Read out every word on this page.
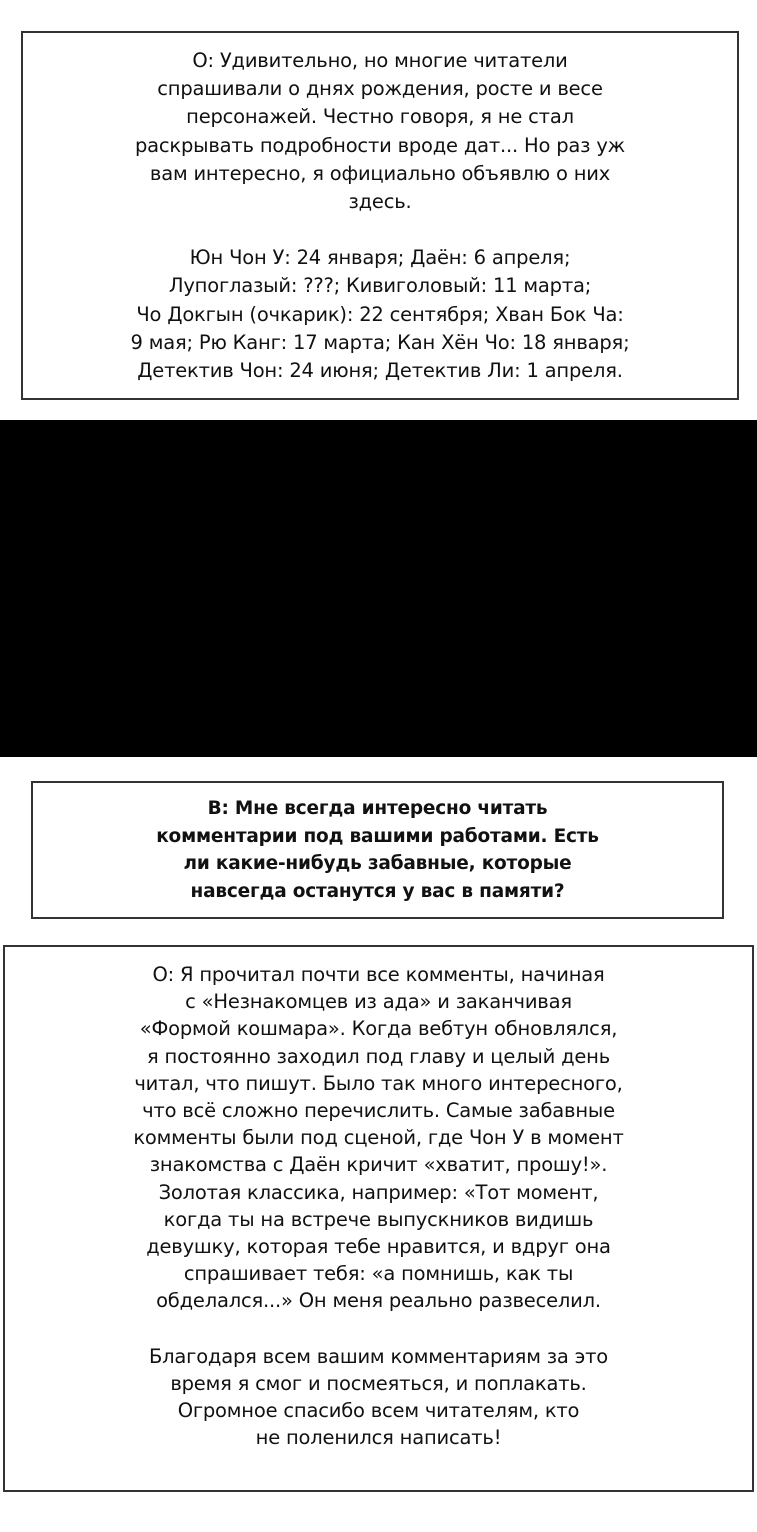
О: Удивительно, но многие читатели
спрашивали о днях рождения, росте и весе
персонажей. Честно говоря, я не стал
раскрывать подробности вроде дат... Но раз уж
вам интересно, я официально объявлю о них
здесь.

Юн Чон У: 24 января; Даён: 6 апреля;
Лупоглазый: ???; Кивиголовый: 11 марта;
Чо Докгын (очкарик): 22 сентября; Хван Бок Ча:
9 мая; Рю Канг: 17 марта; Кан Хён Чо: 18 января;
Детектив Чон: 24 июня; Детектив Ли: 1 апреля.

В: Мне всегда интересно читать
комментарии под вашими работами. Есть
ли какие-нибудь забавные, которые
навсегда останутся у вас в памяти?

О: Я прочитал почти все комменты, начиная
с «Незнакомцев из ада» и заканчивая
«Формой кошмара». Когда вебтун обновлялся,
я постоянно заходил под главу и целый день
читал, что пишут. Было так много интересного,
что всё сложно перечислить. Самые забавные
комменты были под сценой, где Чон У в момент
знакомства с Даён кричит «хватит, прошу!».
Золотая классика, например: «Тот момент,
когда ты на встрече выпускников видишь
девушку, которая тебе нравится, и вдруг она
спрашивает тебя: «а помнишь, как ты
обделался...» Он меня реально развеселил.

Благодаря всем вашим комментариям за это
время я смог и посмеяться, и поплакать.
Огромное спасибо всем читателям, кто
не поленился написать!
